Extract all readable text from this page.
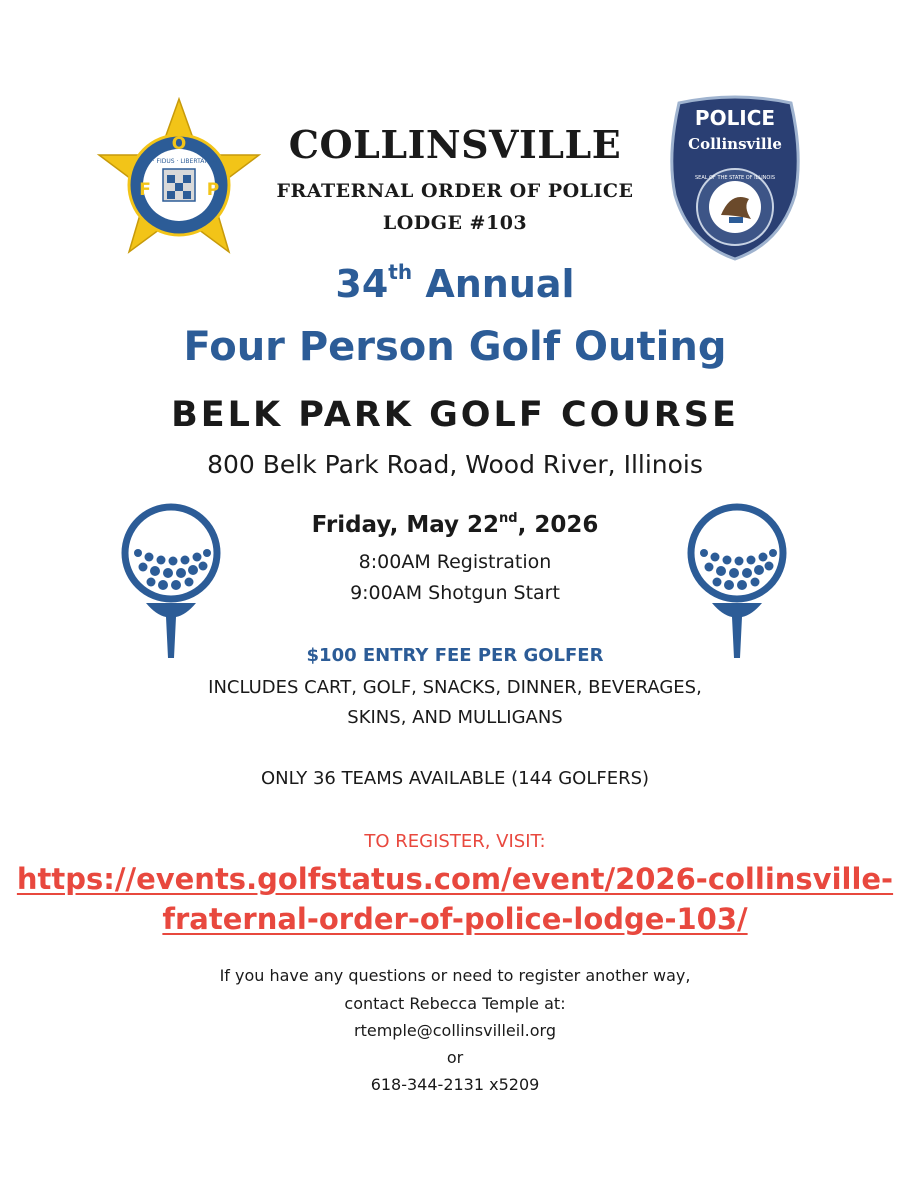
O
F	P
JUS · FIDUS · LIBERTATUM
POLICE
Collinsville
SEAL OF THE STATE OF ILLINOIS
COLLINSVILLE
FRATERNAL ORDER OF POLICE
LODGE #103
34th Annual
Four Person Golf Outing
BELK PARK GOLF COURSE
800 Belk Park Road, Wood River, Illinois
Friday, May 22nd, 2026
8:00AM Registration
9:00AM Shotgun Start
$100 ENTRY FEE PER GOLFER
INCLUDES CART, GOLF, SNACKS, DINNER, BEVERAGES,
SKINS, AND MULLIGANS
ONLY 36 TEAMS AVAILABLE (144 GOLFERS)
TO REGISTER, VISIT:
https://events.golfstatus.com/event/2026-collinsville-
fraternal-order-of-police-lodge-103/
If you have any questions or need to register another way,
contact Rebecca Temple at:
rtemple@collinsvilleil.org
or
618-344-2131 x5209
